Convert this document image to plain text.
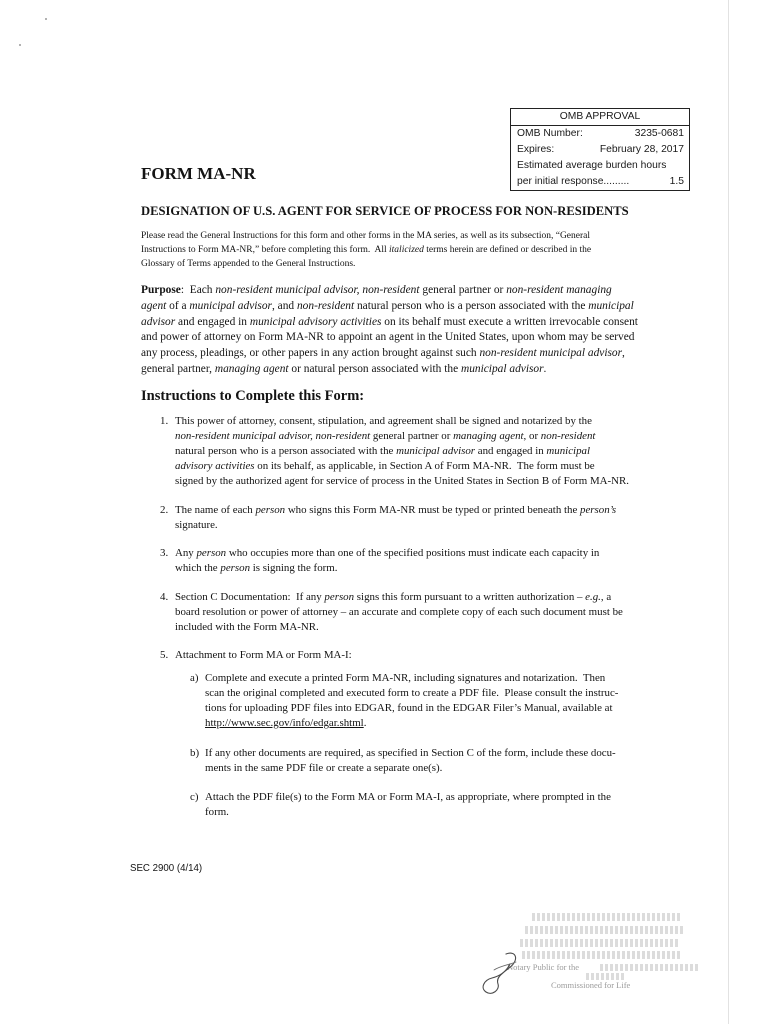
OMB APPROVAL
OMB Number:	3235-0681
Expires:	February 28, 2017
Estimated average burden hours
per initial response.........	1.5
FORM MA-NR
DESIGNATION OF U.S. AGENT FOR SERVICE OF PROCESS FOR NON-RESIDENTS
Please read the General Instructions for this form and other forms in the MA series, as well as its subsection, “General
Instructions to Form MA-NR,” before completing this form.  All italicized terms herein are defined or described in the
Glossary of Terms appended to the General Instructions.
Purpose:  Each non-resident municipal advisor, non-resident general partner or non-resident managing
agent of a municipal advisor, and non-resident natural person who is a person associated with the municipal
advisor and engaged in municipal advisory activities on its behalf must execute a written irrevocable consent
and power of attorney on Form MA-NR to appoint an agent in the United States, upon whom may be served
any process, pleadings, or other papers in any action brought against such non-resident municipal advisor,
general partner, managing agent or natural person associated with the municipal advisor.
Instructions to Complete this Form:
1. This power of attorney, consent, stipulation, and agreement shall be signed and notarized by the
non-resident municipal advisor, non-resident general partner or managing agent, or non-resident
natural person who is a person associated with the municipal advisor and engaged in municipal
advisory activities on its behalf, as applicable, in Section A of Form MA-NR.  The form must be
signed by the authorized agent for service of process in the United States in Section B of Form MA-NR.
2. The name of each person who signs this Form MA-NR must be typed or printed beneath the person’s
signature.
3. Any person who occupies more than one of the specified positions must indicate each capacity in
which the person is signing the form.
4. Section C Documentation:  If any person signs this form pursuant to a written authorization – e.g., a
board resolution or power of attorney – an accurate and complete copy of each such document must be
included with the Form MA-NR.
5. Attachment to Form MA or Form MA-I:
a) Complete and execute a printed Form MA-NR, including signatures and notarization.  Then
scan the original completed and executed form to create a PDF file.  Please consult the instruc-
tions for uploading PDF files into EDGAR, found in the EDGAR Filer’s Manual, available at
http://www.sec.gov/info/edgar.shtml.
b) If any other documents are required, as specified in Section C of the form, include these docu-
ments in the same PDF file or create a separate one(s).
c) Attach the PDF file(s) to the Form MA or Form MA-I, as appropriate, where prompted in the
form.
SEC 2900 (4/14)
Notary Public for the
Commissioned for Life
